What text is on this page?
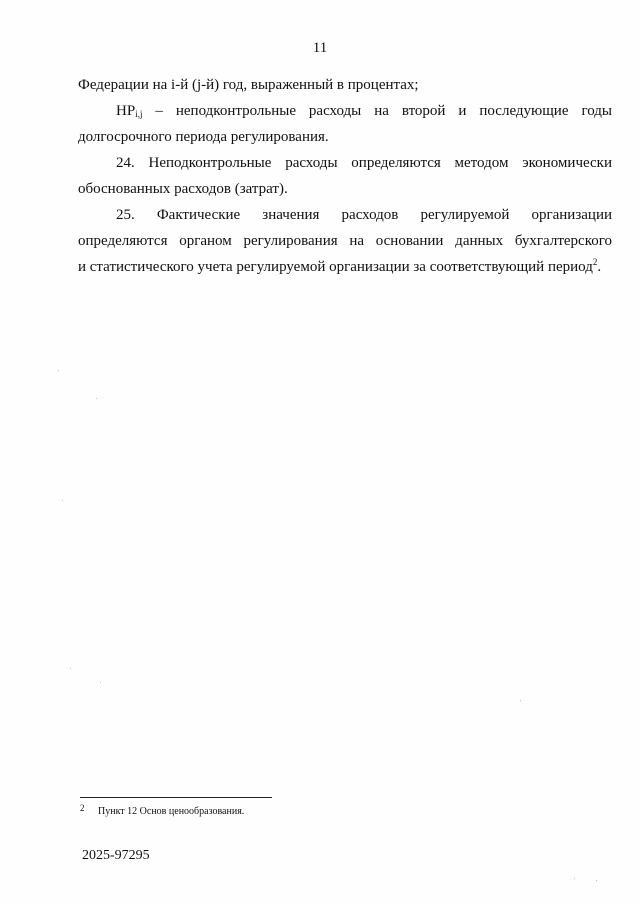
11
Федерации на i-й (j-й) год, выраженный в процентах;
$НР_{i,j}$ – неподконтрольные расходы на второй и последующие годы
долгосрочного периода регулирования.
24. Неподконтрольные расходы определяются методом экономически
обоснованных расходов (затрат).
25. Фактические значения расходов регулируемой организации
определяются органом регулирования на основании данных бухгалтерского
и статистического учета регулируемой организации за соответствующий период$^2$.
2 Пункт 12 Основ ценообразования.
2025-97295
